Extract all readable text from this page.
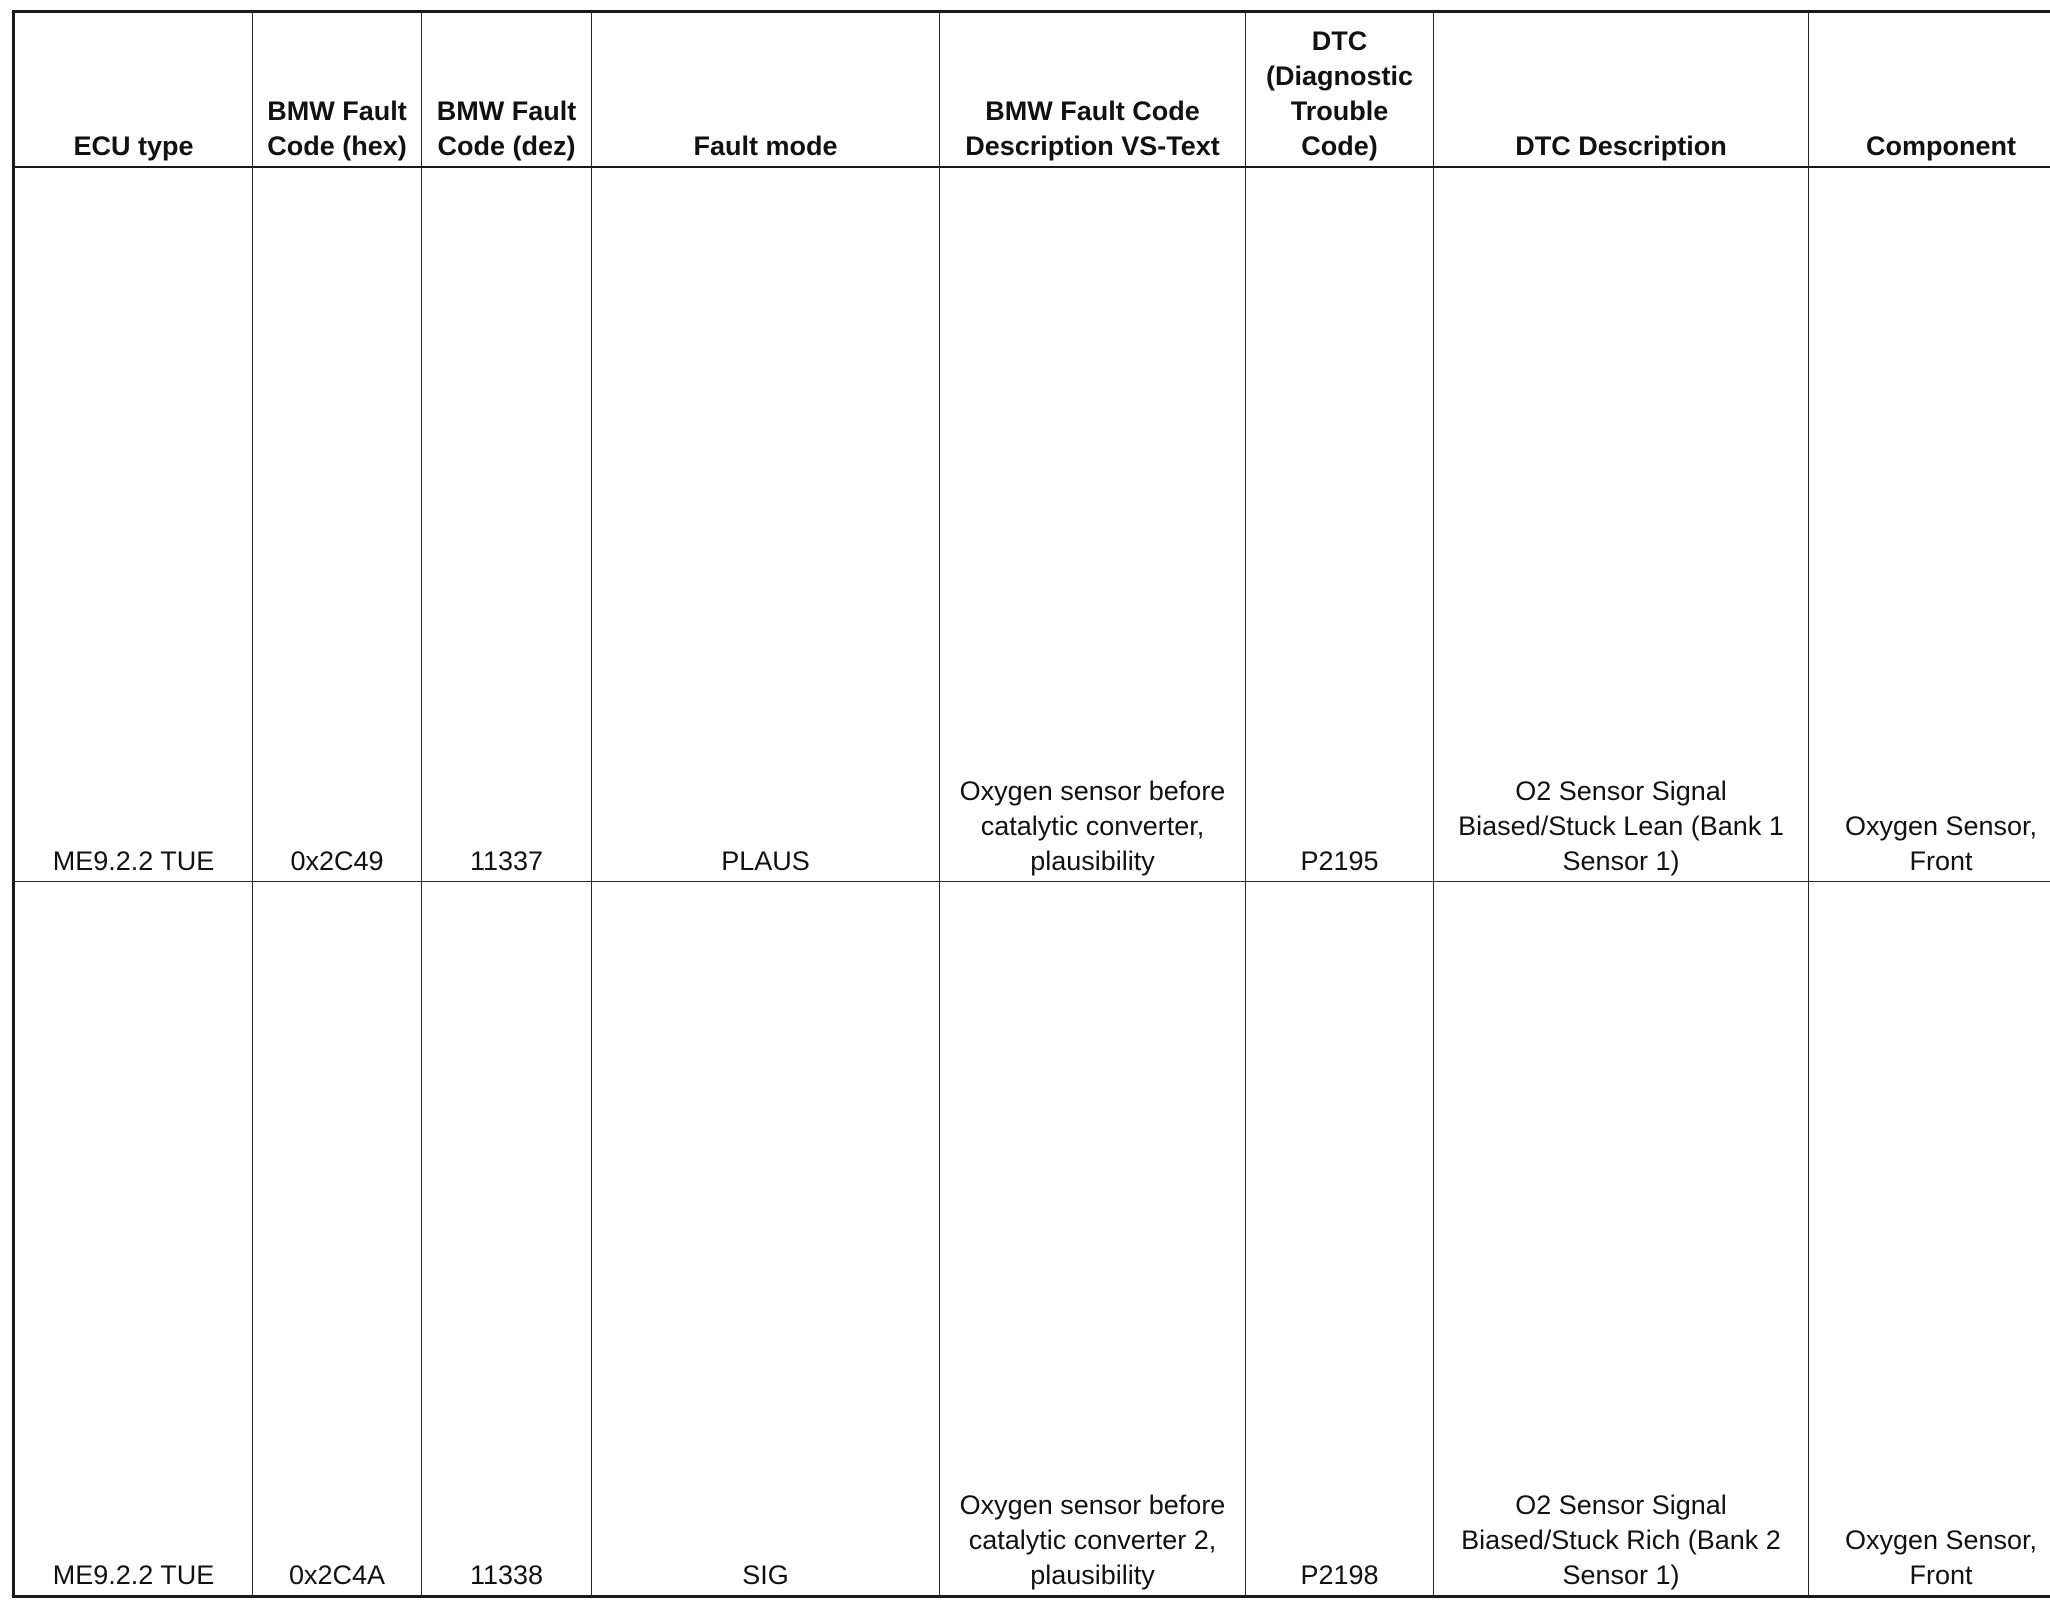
ECU type	BMW Fault Code (hex)	BMW Fault Code (dez)	Fault mode	BMW Fault Code Description VS-Text	DTC (Diagnostic Trouble Code)	DTC Description	Component

ME9.2.2 TUE	0x2C49	11337	PLAUS	Oxygen sensor before catalytic converter, plausibility	P2195	O2 Sensor Signal Biased/Stuck Lean (Bank 1 Sensor 1)	Oxygen Sensor, Front

ME9.2.2 TUE	0x2C4A	11338	SIG	Oxygen sensor before catalytic converter 2, plausibility	P2198	O2 Sensor Signal Biased/Stuck Rich (Bank 2 Sensor 1)	Oxygen Sensor, Front
